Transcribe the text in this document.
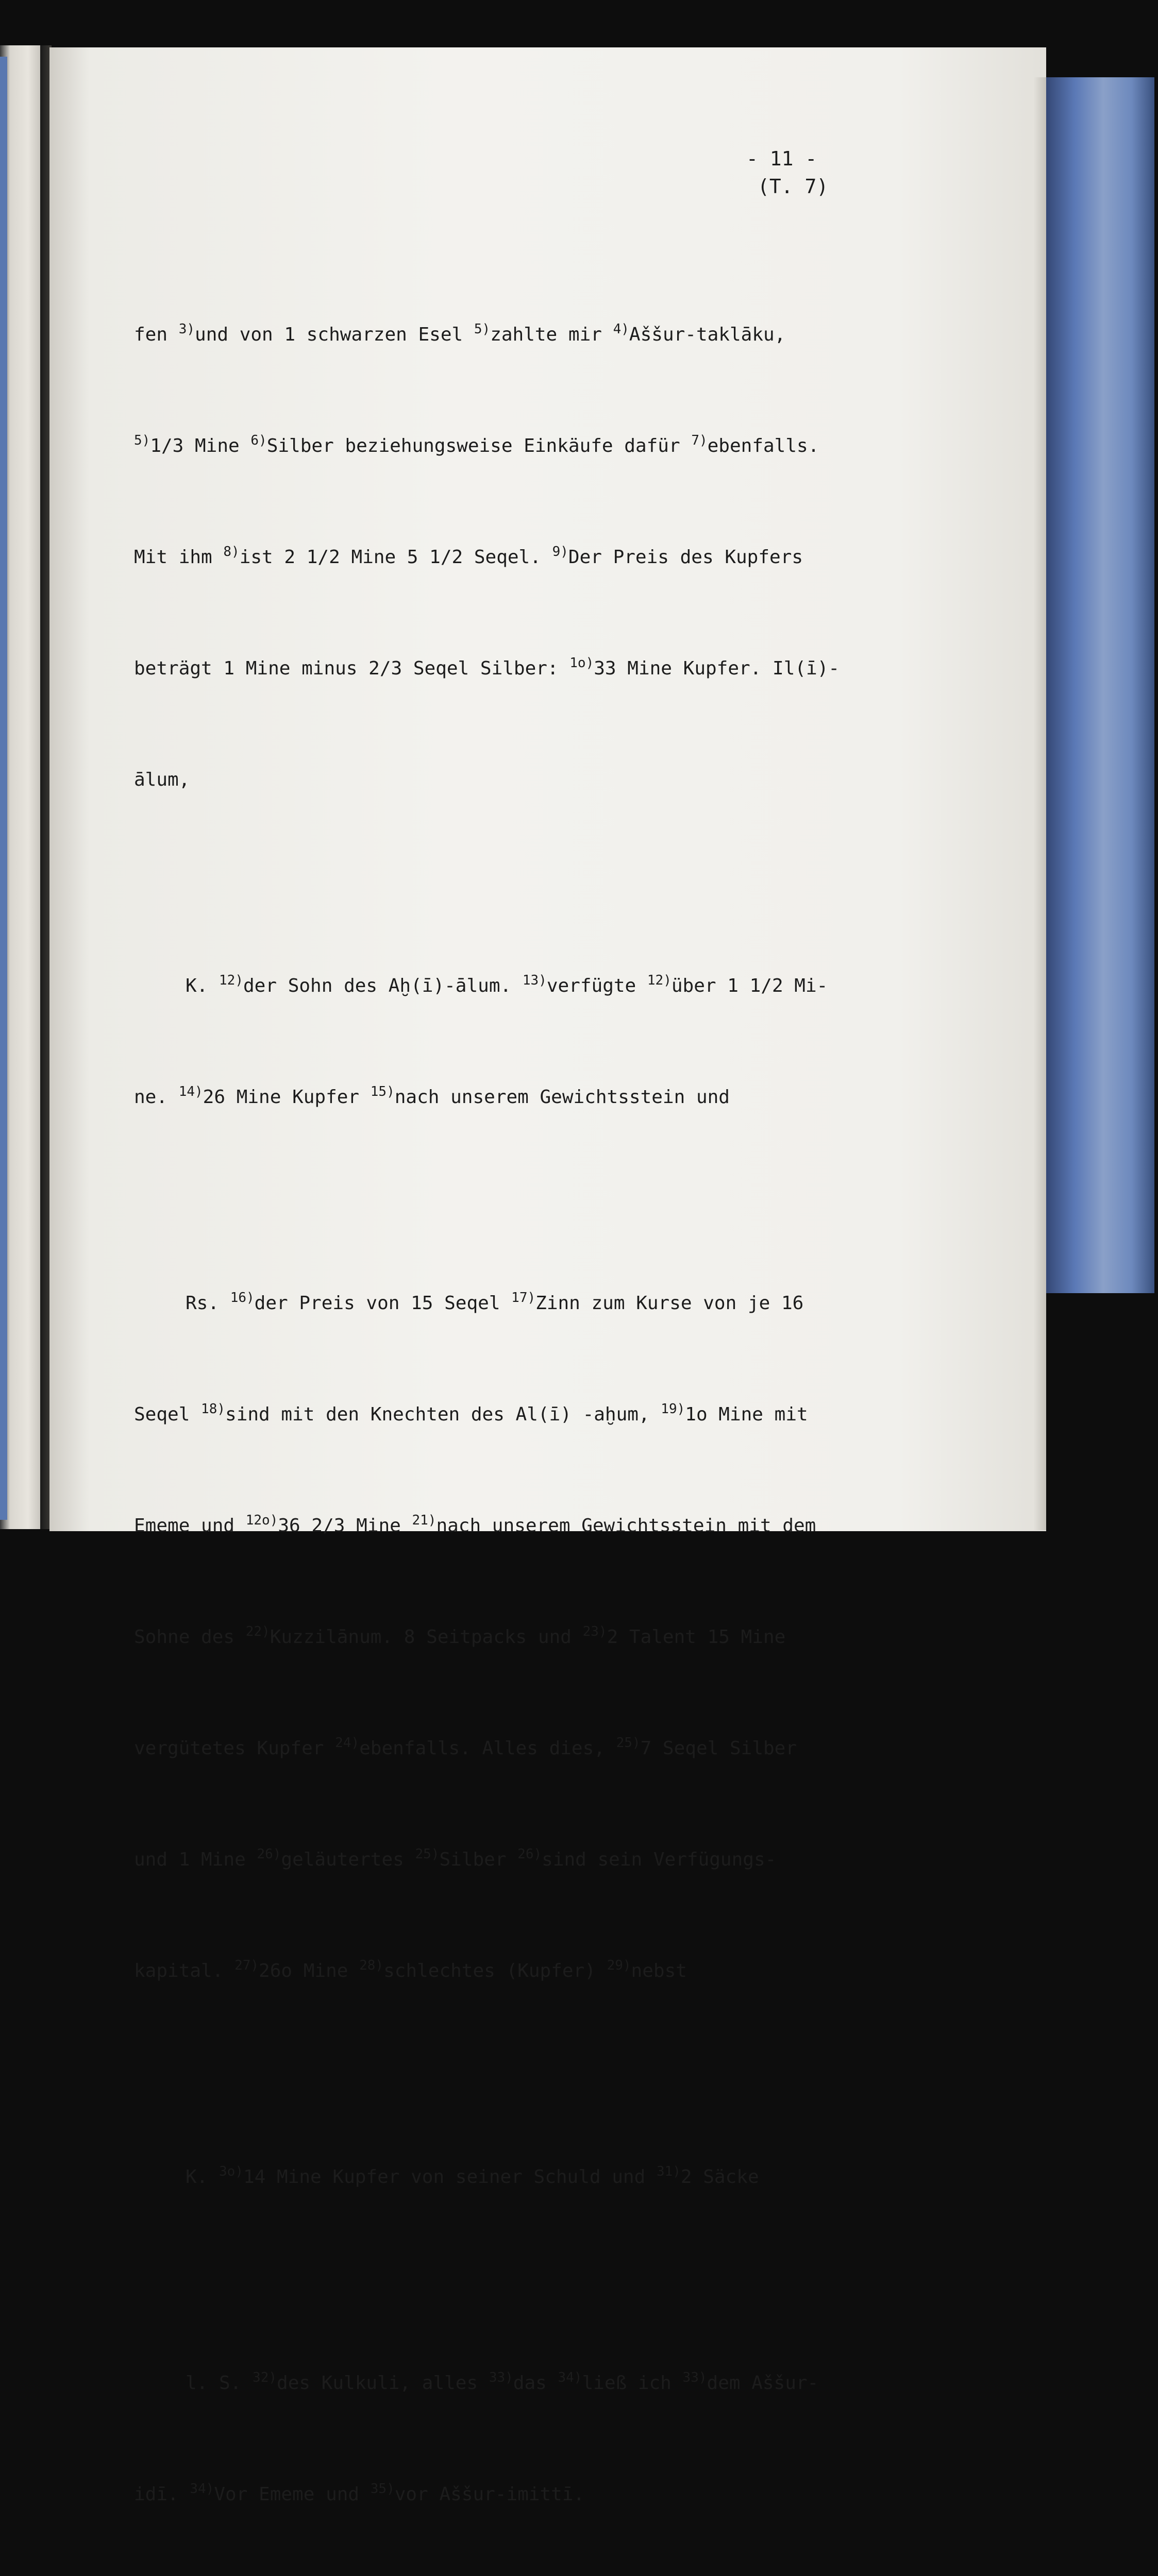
- 11 -
(T. 7)

fen $^{3)}$und von 1 schwarzen Esel $^{5)}$zahlte mir $^{4)}$Aššur-taklāku,

$^{5)}$1/3 Mine $^{6)}$Silber beziehungsweise Einkäufe dafür $^{7)}$ebenfalls.

Mit ihm $^{8)}$ist 2 1/2 Mine 5 1/2 Seqel. $^{9)}$Der Preis des Kupfers

beträgt 1 Mine minus 2/3 Seqel Silber: $^{1o)}$33 Mine Kupfer. Il(ī)-

ālum,

K. $^{12)}$der Sohn des Aḫ(ī)-ālum. $^{13)}$verfügte $^{12)}$über 1 1/2 Mi-

ne. $^{14)}$26 Mine Kupfer $^{15)}$nach unserem Gewichtsstein und

Rs. $^{16)}$der Preis von 15 Seqel $^{17)}$Zinn zum Kurse von je 16

Seqel $^{18)}$sind mit den Knechten des Al(ī) -aḫum, $^{19)}$1o Mine mit

Ememe und $^{12o)}$36 2/3 Mine $^{21)}$nach unserem Gewichtsstein mit dem

Sohne des $^{22)}$Kuzzilānum. 8 Seitpacks und $^{23)}$2 Talent 15 Mine

vergütetes Kupfer $^{24)}$ebenfalls. Alles dies, $^{25)}$7 Seqel Silber

und 1 Mine $^{26)}$geläutertes $^{25)}$Silber $^{26)}$sind sein Verfügungs-

kapital. $^{27)}$26o Mine $^{28)}$schlechtes (Kupfer) $^{29)}$nebst

K. $^{3o)}$14 Mine Kupfer von seiner Schuld und $^{31)}$2 Säcke

l. S. $^{32)}$des Kulkuli, alles $^{33)}$das $^{34)}$ließ ich $^{33)}$dem Aššur-

idī. $^{34)}$Vor Ememe und $^{35)}$vor Aššur-imittī.
